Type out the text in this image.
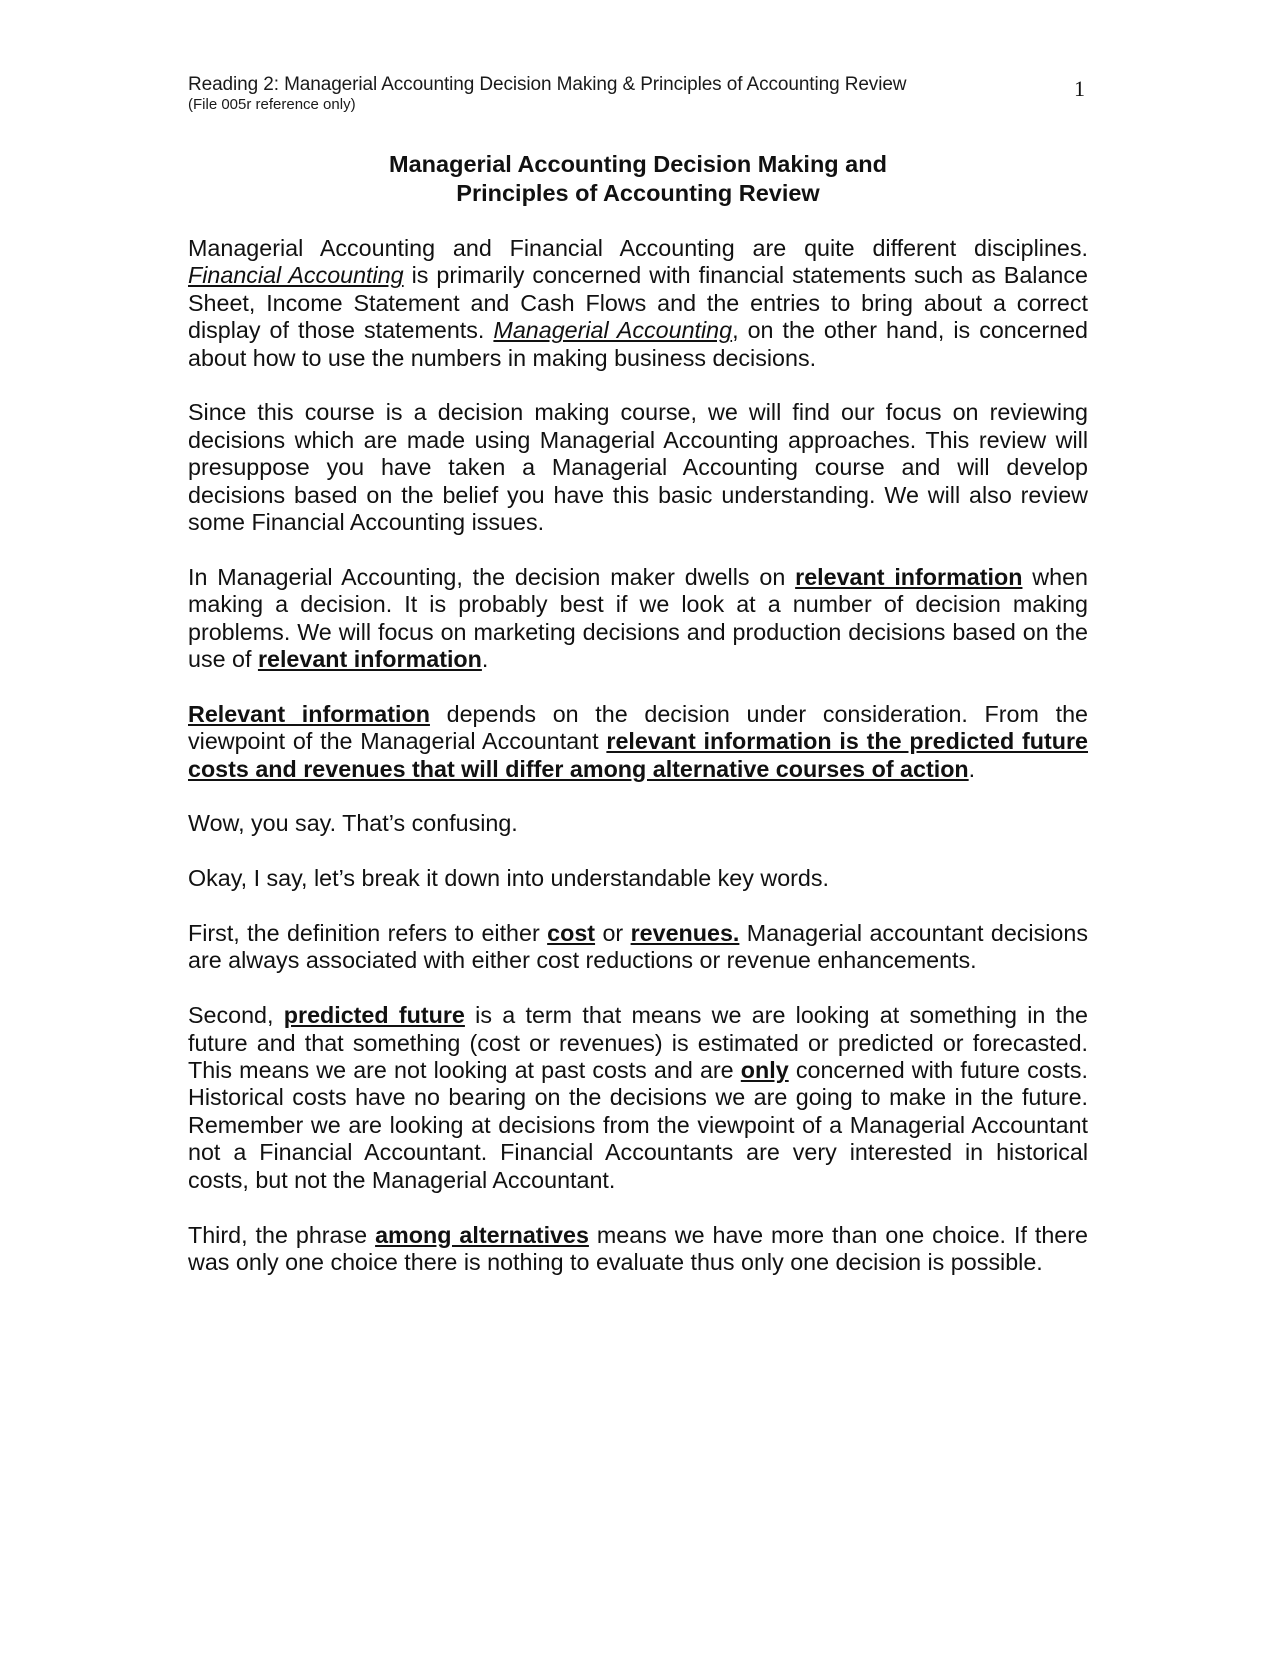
Reading 2: Managerial Accounting Decision Making & Principles of Accounting Review
(File 005r reference only)
1
Managerial Accounting Decision Making and
Principles of Accounting Review

Managerial Accounting and Financial Accounting are quite different disciplines. Financial Accounting is primarily concerned with financial statements such as Balance Sheet, Income Statement and Cash Flows and the entries to bring about a correct display of those statements. Managerial Accounting, on the other hand, is concerned about how to use the numbers in making business decisions.

Since this course is a decision making course, we will find our focus on reviewing decisions which are made using Managerial Accounting approaches. This review will presuppose you have taken a Managerial Accounting course and will develop decisions based on the belief you have this basic understanding. We will also review some Financial Accounting issues.

In Managerial Accounting, the decision maker dwells on relevant information when making a decision. It is probably best if we look at a number of decision making problems. We will focus on marketing decisions and production decisions based on the use of relevant information.

Relevant information depends on the decision under consideration. From the viewpoint of the Managerial Accountant relevant information is the predicted future costs and revenues that will differ among alternative courses of action.

Wow, you say. That’s confusing.

Okay, I say, let’s break it down into understandable key words.

First, the definition refers to either cost or revenues. Managerial accountant decisions are always associated with either cost reductions or revenue enhancements.

Second, predicted future is a term that means we are looking at something in the future and that something (cost or revenues) is estimated or predicted or forecasted. This means we are not looking at past costs and are only concerned with future costs. Historical costs have no bearing on the decisions we are going to make in the future. Remember we are looking at decisions from the viewpoint of a Managerial Accountant not a Financial Accountant. Financial Accountants are very interested in historical costs, but not the Managerial Accountant.

Third, the phrase among alternatives means we have more than one choice. If there was only one choice there is nothing to evaluate thus only one decision is possible.
